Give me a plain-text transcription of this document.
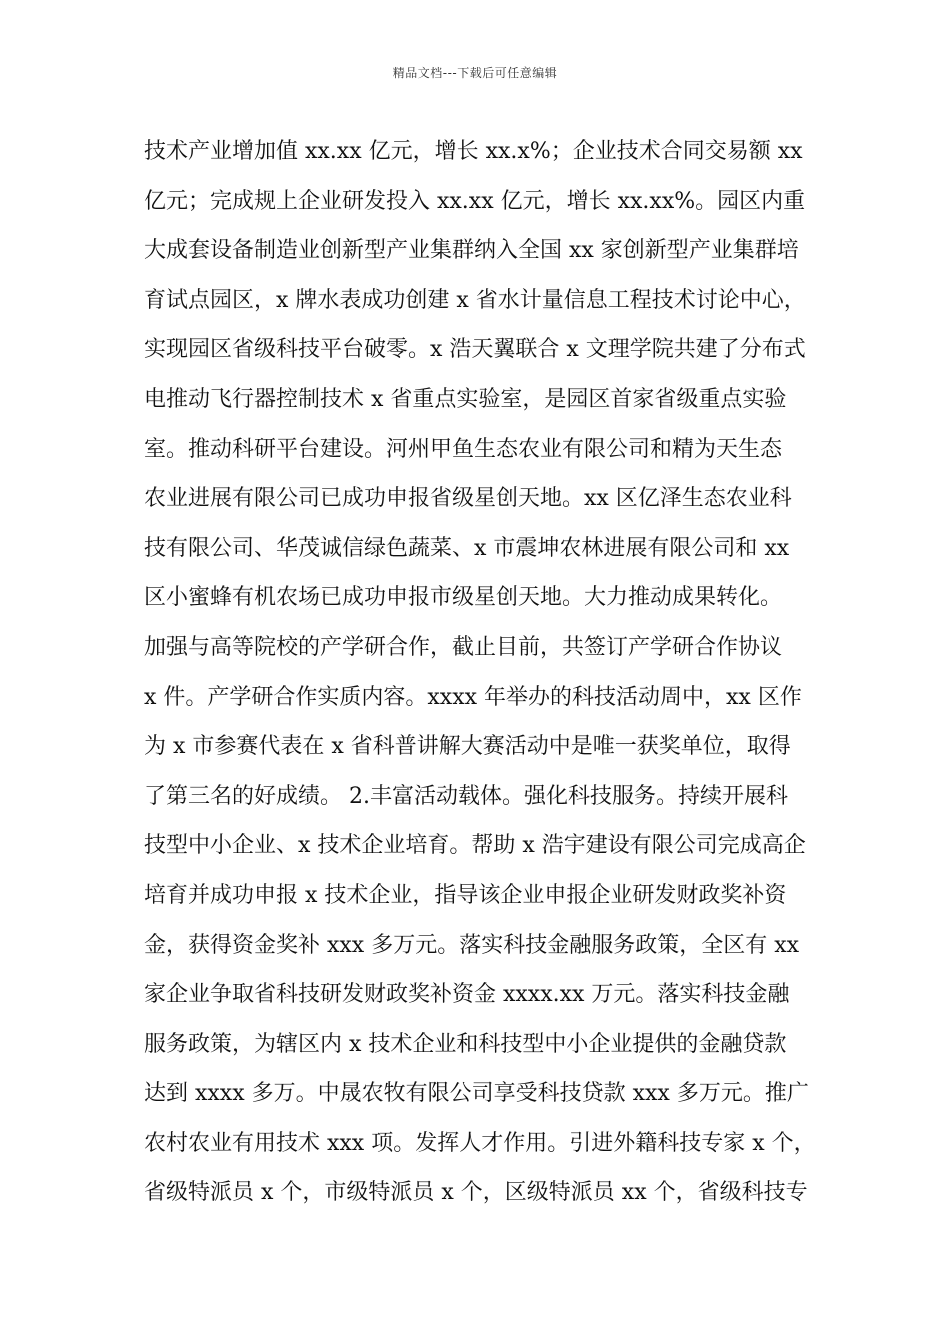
精品文档---下载后可任意编辑
技术产业增加值 xx.xx 亿元，增长 xx.x%；企业技术合同交易额 xx
亿元；完成规上企业研发投入 xx.xx 亿元，增长 xx.xx%。园区内重
大成套设备制造业创新型产业集群纳入全国 xx 家创新型产业集群培
育试点园区，x 牌水表成功创建 x 省水计量信息工程技术讨论中心，
实现园区省级科技平台破零。x 浩天翼联合 x 文理学院共建了分布式
电推动飞行器控制技术 x 省重点实验室，是园区首家省级重点实验
室。推动科研平台建设。河州甲鱼生态农业有限公司和精为天生态
农业进展有限公司已成功申报省级星创天地。xx 区亿泽生态农业科
技有限公司、华茂诚信绿色蔬菜、x 市震坤农林进展有限公司和 xx
区小蜜蜂有机农场已成功申报市级星创天地。大力推动成果转化。
加强与高等院校的产学研合作，截止目前，共签订产学研合作协议
x 件。产学研合作实质内容。xxxx 年举办的科技活动周中，xx 区作
为 x 市参赛代表在 x 省科普讲解大赛活动中是唯一获奖单位，取得
了第三名的好成绩。 2.丰富活动载体。强化科技服务。持续开展科
技型中小企业、x 技术企业培育。帮助 x 浩宇建设有限公司完成高企
培育并成功申报 x 技术企业，指导该企业申报企业研发财政奖补资
金，获得资金奖补 xxx 多万元。落实科技金融服务政策，全区有 xx
家企业争取省科技研发财政奖补资金 xxxx.xx 万元。落实科技金融
服务政策，为辖区内 x 技术企业和科技型中小企业提供的金融贷款
达到 xxxx 多万。中晟农牧有限公司享受科技贷款 xxx 多万元。推广
农村农业有用技术 xxx 项。发挥人才作用。引进外籍科技专家 x 个，
省级特派员 x 个，市级特派员 x 个，区级特派员 xx 个，省级科技专
